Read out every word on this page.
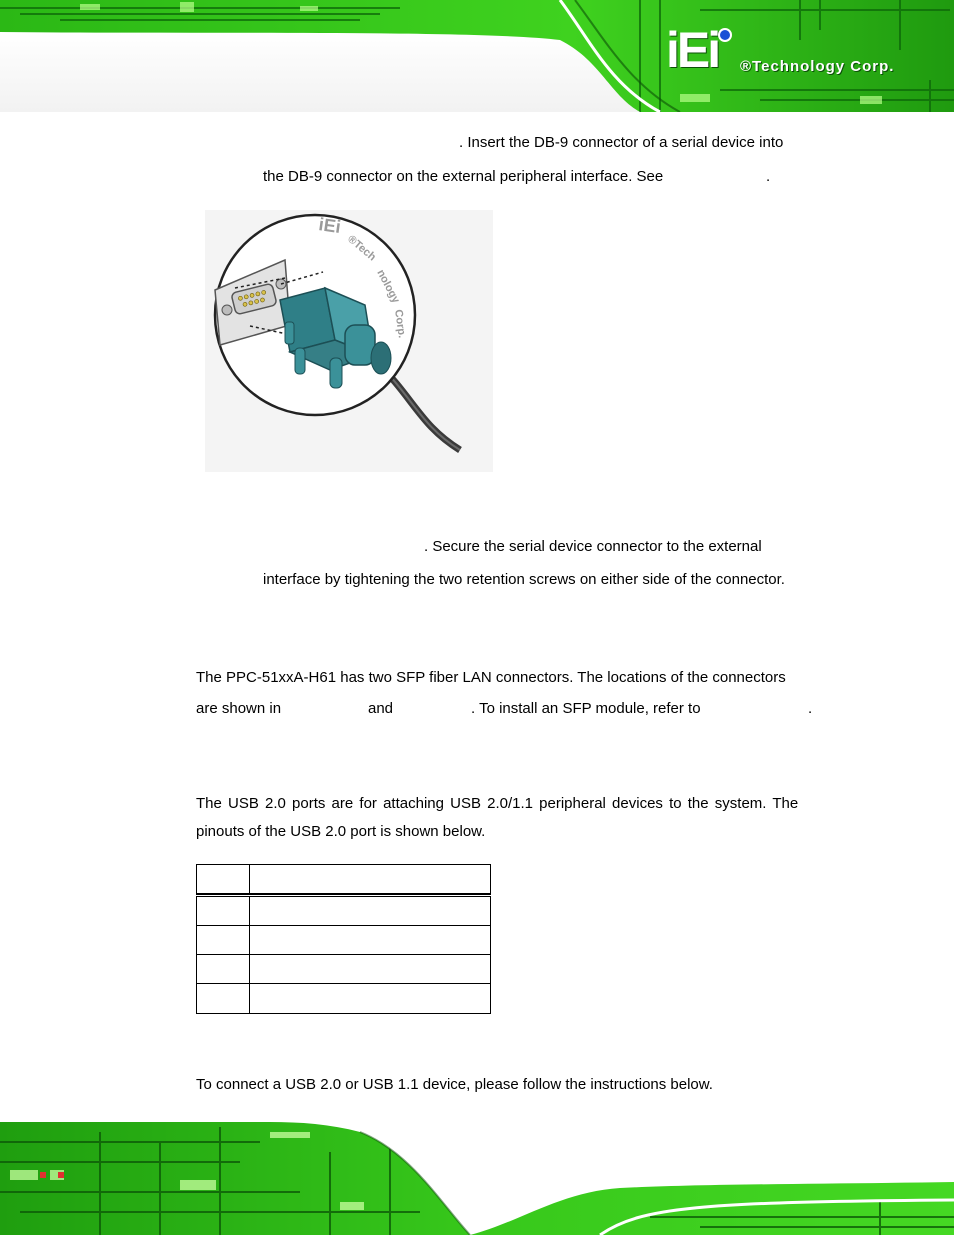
iEi	®Technology Corp.
. Insert the DB-9 connector of a serial device into
the DB-9 connector on the external peripheral interface. See	.
iEi
®Tech
nology
Corp.
. Secure the serial device connector to the external
interface by tightening the two retention screws on either side of the connector.
The PPC-51xxA-H61 has two SFP fiber LAN connectors. The locations of the connectors
are shown in	and	. To install an SFP module, refer to	.
The USB 2.0 ports are for attaching USB 2.0/1.1 peripheral devices to the system. The
pinouts of the USB 2.0 port is shown below.
To connect a USB 2.0 or USB 1.1 device, please follow the instructions below.
